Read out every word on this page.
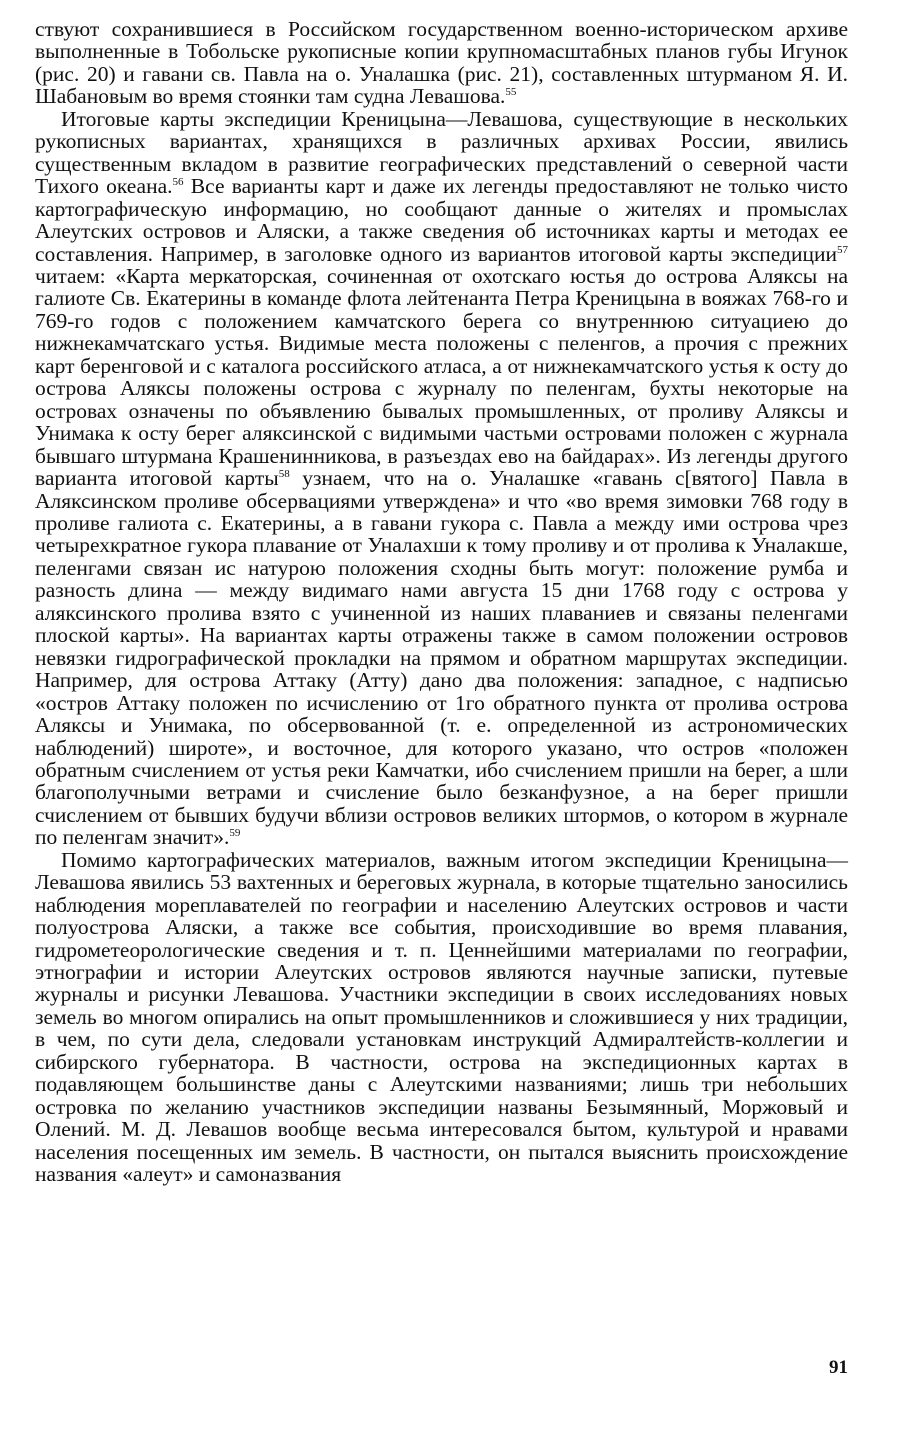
ствуют сохранившиеся в Российском государственном военно-историческом архиве выполненные в Тобольске рукописные копии крупномасштабных планов губы Игунок (рис. 20) и гавани св. Павла на о. Уналашка (рис. 21), составленных штурманом Я. И. Шабановым во время стоянки там судна Левашова.$^{55}$

Итоговые карты экспедиции Креницына—Левашова, существующие в нескольких рукописных вариантах, хранящихся в различных архивах России, явились существенным вкладом в развитие географических представлений о северной части Тихого океана.$^{56}$ Все варианты карт и даже их легенды предоставляют не только чисто картографическую информацию, но сообщают данные о жителях и промыслах Алеутских островов и Аляски, а также сведения об источниках карты и методах ее составления. Например, в заголовке одного из вариантов итоговой карты экспедиции$^{57}$ читаем: «Карта меркаторская, сочиненная от охотскаго юстья до острова Аляксы на галиоте Св. Екатерины в команде флота лейтенанта Петра Креницына в вояжах 768-го и 769-го годов с положением камчатского берега со внутреннюю ситуациею до нижнекамчатскаго устья. Видимые места положены с пеленгов, а прочия с прежних карт беренговой и с каталога российского атласа, а от нижнекамчатского устья к осту до острова Аляксы положены острова с журналу по пеленгам, бухты некоторые на островах означены по объявлению бывалых промышленных, от проливу Аляксы и Унимака к осту берег аляксинской с видимыми частьми островами положен с журнала бывшаго штурмана Крашенинникова, в разъездах ево на байдарах». Из легенды другого варианта итоговой карты$^{58}$ узнаем, что на о. Уналашке «гавань с[вятого] Павла в Аляксинском проливе обсервациями утверждена» и что «во время зимовки 768 году в проливе галиота с. Екатерины, а в гавани гукора с. Павла а между ими острова чрез четырехкратное гукора плавание от Уналахши к тому проливу и от пролива к Уналакше, пеленгами связан ис натурою положения сходны быть могут: положение румба и разность длина — между видимаго нами августа 15 дни 1768 году с острова у аляксинского пролива взято с учиненной из наших плаваниев и связаны пеленгами плоской карты». На вариантах карты отражены также в самом положении островов невязки гидрографической прокладки на прямом и обратном маршрутах экспедиции. Например, для острова Аттаку (Атту) дано два положения: западное, с надписью «остров Аттаку положен по исчислению от 1го обратного пункта от пролива острова Аляксы и Унимака, по обсервованной (т. е. определенной из астрономических наблюдений) широте», и восточное, для которого указано, что остров «положен обратным счислением от устья реки Камчатки, ибо счислением пришли на берег, а шли благополучными ветрами и счисление было безканфузное, а на берег пришли счислением от бывших будучи вблизи островов великих штормов, о котором в журнале по пеленгам значит».$^{59}$

Помимо картографических материалов, важным итогом экспедиции Креницына—Левашова явились 53 вахтенных и береговых журнала, в которые тщательно заносились наблюдения мореплавателей по географии и населению Алеутских островов и части полуострова Аляски, а также все события, происходившие во время плавания, гидрометеорологические сведения и т. п. Ценнейшими материалами по географии, этнографии и истории Алеутских островов являются научные записки, путевые журналы и рисунки Левашова. Участники экспедиции в своих исследованиях новых земель во многом опирались на опыт промышленников и сложившиеся у них традиции, в чем, по сути дела, следовали установкам инструкций Адмиралтейств-коллегии и сибирского губернатора. В частности, острова на экспедиционных картах в подавляющем большинстве даны с Алеутскими названиями; лишь три небольших островка по желанию участников экспедиции названы Безымянный, Моржовый и Олений. М. Д. Левашов вообще весьма интересовался бытом, культурой и нравами населения посещенных им земель. В частности, он пытался выяснить происхождение названия «алеут» и самоназвания

91
